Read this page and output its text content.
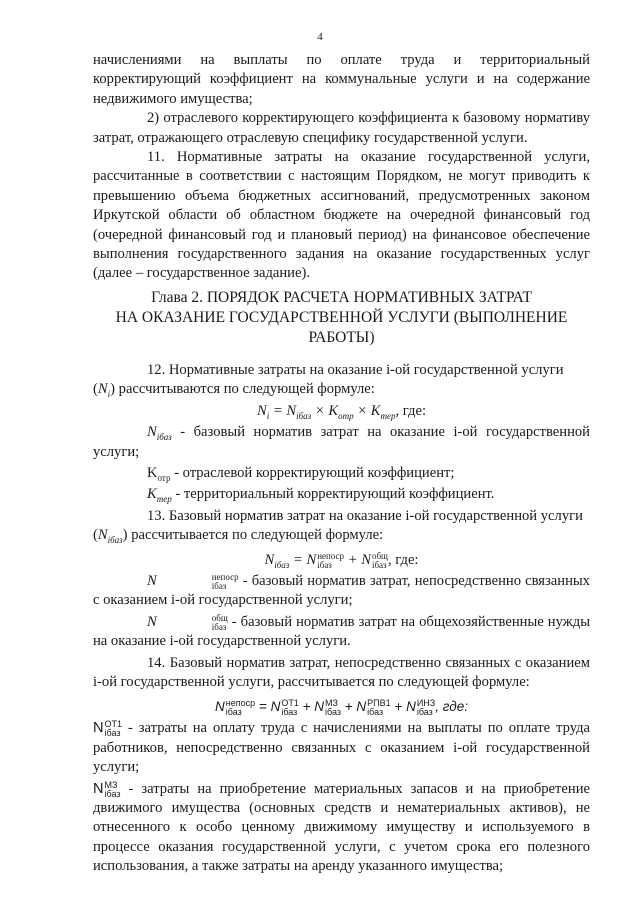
4

начислениями на выплаты по оплате труда и территориальный корректирующий коэффициент на коммунальные услуги и на содержание недвижимого имущества;

2) отраслевого корректирующего коэффициента к базовому нормативу затрат, отражающего отраслевую специфику государственной услуги.

11. Нормативные затраты на оказание государственной услуги, рассчитанные в соответствии с настоящим Порядком, не могут приводить к превышению объема бюджетных ассигнований, предусмотренных законом Иркутской области об областном бюджете на очередной финансовый год (очередной финансовый год и плановый период) на финансовое обеспечение выполнения государственного задания на оказание государственных услуг (далее – государственное задание).

Глава 2. ПОРЯДОК РАСЧЕТА НОРМАТИВНЫХ ЗАТРАТ
НА ОКАЗАНИЕ ГОСУДАРСТВЕННОЙ УСЛУГИ (ВЫПОЛНЕНИЕ
РАБОТЫ)

12. Нормативные затраты на оказание i-ой государственной услуги
$(N_i)$ рассчитываются по следующей формуле:

$N_i = N_{iбаз} \times K_{отр} \times K_{тер}$, где:

$N_{iбаз}$ - базовый норматив затрат на оказание i-ой государственной услуги;

$K_{отр}$ - отраслевой корректирующий коэффициент;

$K_{тер}$ - территориальный корректирующий коэффициент.

13. Базовый норматив затрат на оказание i-ой государственной услуги
$(N_{iбаз})$ рассчитывается по следующей формуле:

$N_{iбаз} = N$ непоср
iбаз	+ N общ
iбаз , где:

N	непоср
iбаз	- базовый норматив затрат, непосредственно связанных с оказанием i-ой государственной услуги;

N	общ
iбаз - базовый норматив затрат на общехозяйственные нужды на оказание i-ой государственной услуги.

14. Базовый норматив затрат, непосредственно связанных с оказанием i-ой государственной услуги, рассчитывается по следующей формуле:

N непоср
iбаз	= N ОТ1
iбаз + N МЗ
iбаз + N РПВ1
iбаз + N ИНЗ
iбаз , где:

N ОТ1
iбаз - затраты на оплату труда с начислениями на выплаты по оплате труда работников, непосредственно связанных с оказанием i-ой государственной услуги;

N МЗ
iбаз - затраты на приобретение материальных запасов и на приобретение движимого имущества (основных средств и нематериальных активов), не отнесенного к особо ценному движимому имуществу и используемого в процессе оказания государственной услуги, с учетом срока его полезного использования, а также затраты на аренду указанного имущества;
